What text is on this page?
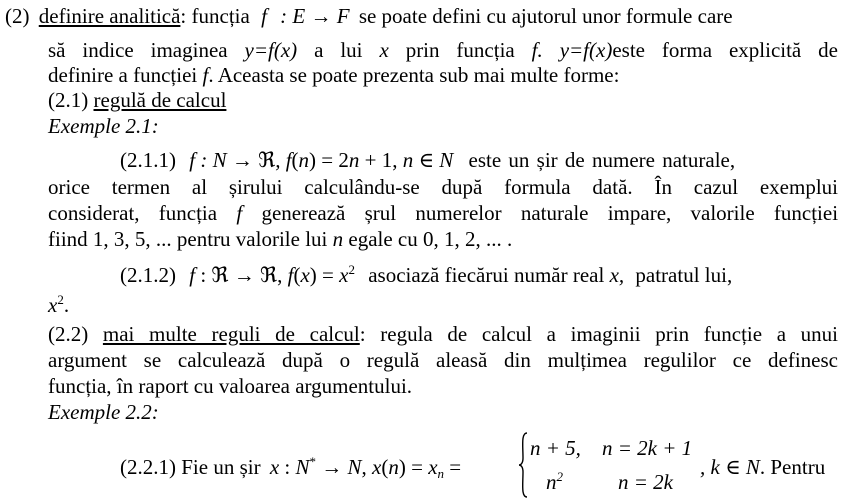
(2) definire analitică: funcția f : E → F se poate defini cu ajutorul unor formule care
să indice imaginea y=f(x) a lui x prin funcția f. y=f(x)este forma explicită de
definire a funcției f. Aceasta se poate prezenta sub mai multe forme:
(2.1) regulă de calcul
Exemple 2.1:
(2.1.1) f : N → ℜ, f(n) = 2n + 1, n ∈ N este un șir de numere naturale,
orice termen al șirului calculându-se după formula dată. În cazul exemplui
considerat, funcția f generează șrul numerelor naturale impare, valorile funcției
fiind 1, 3, 5, ... pentru valorile lui n egale cu 0, 1, 2, ... .
(2.1.2) f : ℜ → ℜ, $f(x) = x^2$ asociază fiecărui număr real x, patratul lui,
$x^2$.
(2.2) mai multe reguli de calcul: regula de calcul a imaginii prin funcție a unui
argument se calculează după o regulă aleasă din mulțimea regulilor ce definesc
funcția, în raport cu valoarea argumentului.
Exemple 2.2:
(2.2.1) Fie un șir x : N* → N, $x(n) = x_n$ =
n + 5, n = 2k + 1
$n^2$	n = 2k
, k ∈ N. Pentru
